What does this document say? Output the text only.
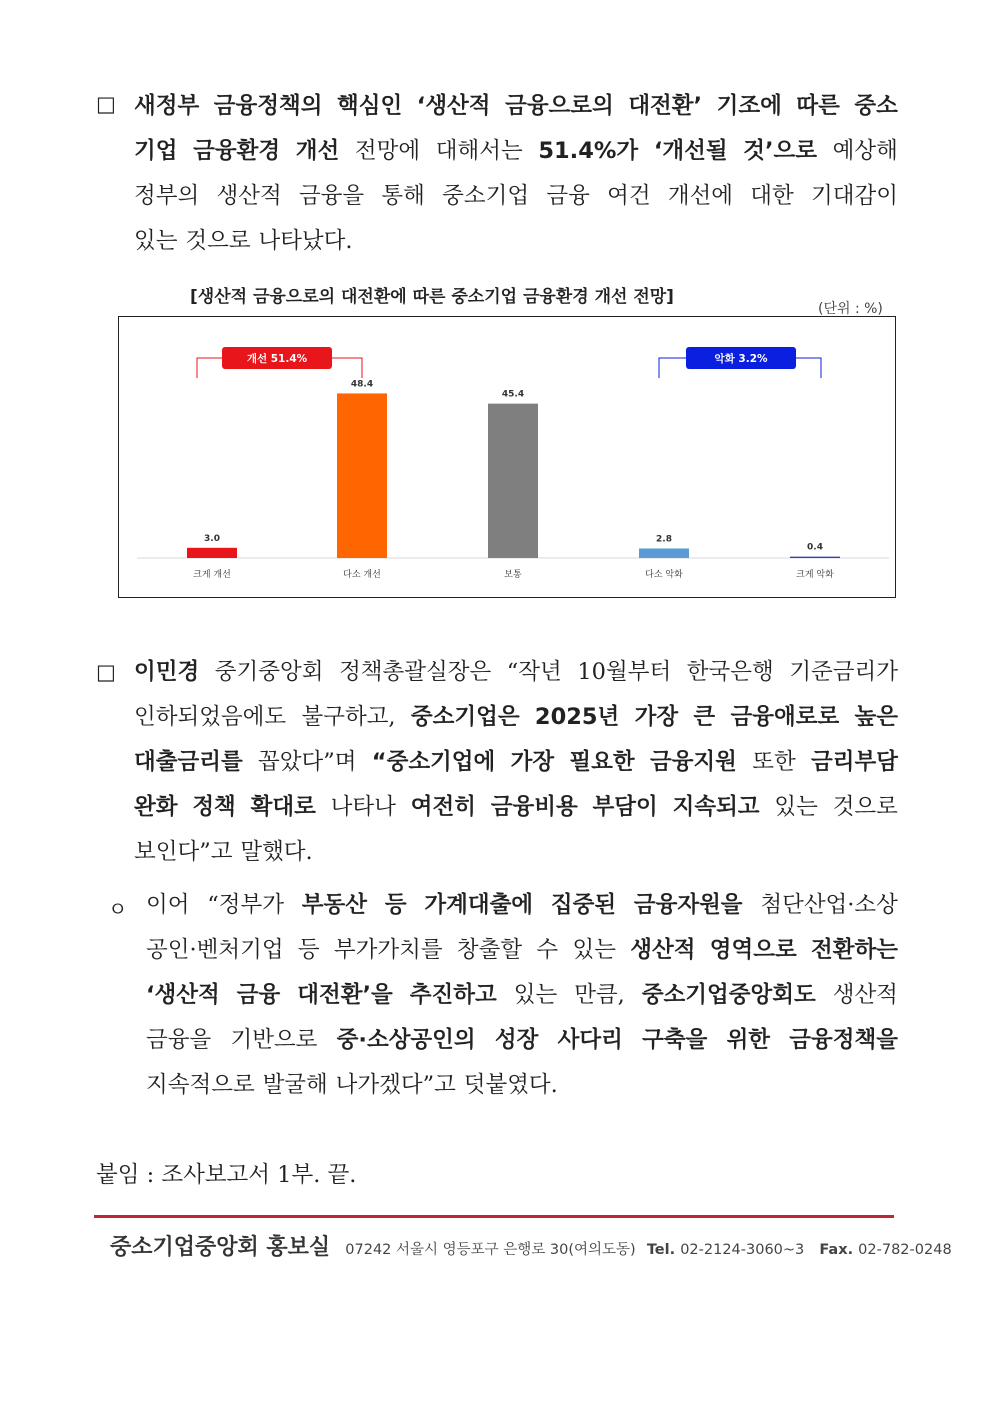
□ 새정부 금융정책의 핵심인 ‘생산적 금융으로의 대전환’ 기조에 따른 중소
기업 금융환경 개선 전망에 대해서는 51.4%가 ‘개선될 것’으로 예상해
정부의 생산적 금융을 통해 중소기업 금융 여건 개선에 대한 기대감이
있는 것으로 나타났다.
[생산적 금융으로의 대전환에 따른 중소기업 금융환경 개선 전망]
(단위 : %)
3.0
크게 개선
48.4
다소 개선
45.4
보통
2.8
다소 악화
0.4
크게 악화
개선 51.4%	악화 3.2%
□ 이민경 중기중앙회 정책총괄실장은 “작년 10월부터 한국은행 기준금리가
인하되었음에도 불구하고, 중소기업은 2025년 가장 큰 금융애로로 높은
대출금리를 꼽았다”며 “중소기업에 가장 필요한 금융지원 또한 금리부담
완화 정책 확대로 나타나 여전히 금융비용 부담이 지속되고 있는 것으로
보인다”고 말했다.
ㅇ 이어 “정부가 부동산 등 가계대출에 집중된 금융자원을 첨단산업·소상
공인·벤처기업 등 부가가치를 창출할 수 있는 생산적 영역으로 전환하는
‘생산적 금융 대전환’을 추진하고 있는 만큼, 중소기업중앙회도 생산적
금융을 기반으로 중·소상공인의 성장 사다리 구축을 위한 금융정책을
지속적으로 발굴해 나가겠다”고 덧붙였다.
붙임 : 조사보고서 1부. 끝.
중소기업중앙회 홍보실 07242 서울시 영등포구 은행로 30(여의도동) Tel. 02-2124-3060~3 Fax. 02-782-0248
